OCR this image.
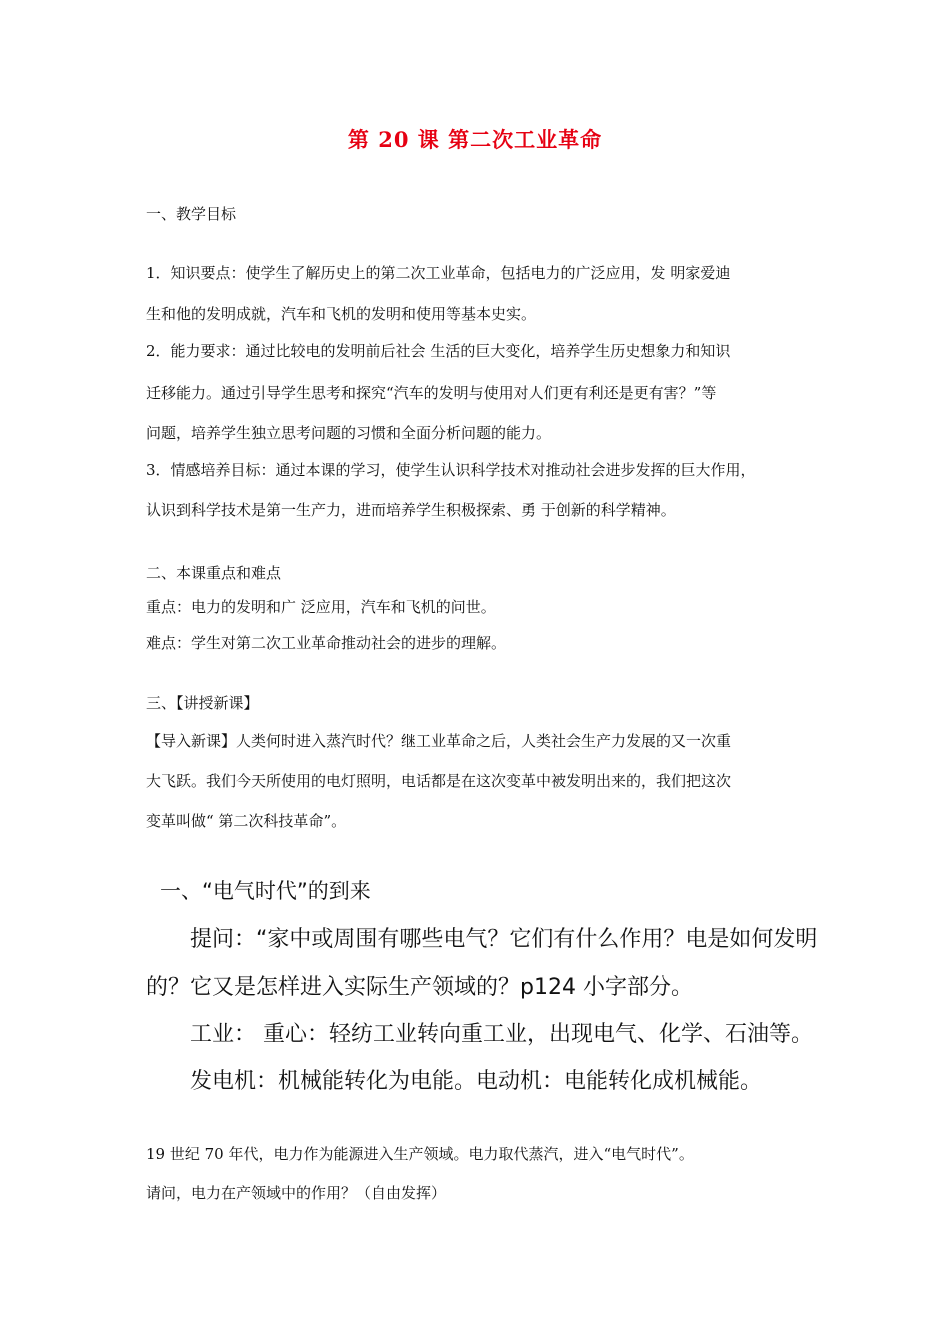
第 20 课 第二次工业革命
一、教学目标
1．知识要点：使学生了解历史上的第二次工业革命，包括电力的广泛应用，发 明家爱迪
生和他的发明成就，汽车和飞机的发明和使用等基本史实。
2．能力要求：通过比较电的发明前后社会 生活的巨大变化，培养学生历史想象力和知识
迁移能力。通过引导学生思考和探究“汽车的发明与使用对人们更有利还是更有害？”等
问题，培养学生独立思考问题的习惯和全面分析问题的能力。
3．情感培养目标：通过本课的学习，使学生认识科学技术对推动社会进步发挥的巨大作用，
认识到科学技术是第一生产力，进而培养学生积极探索、勇 于创新的科学精神。
二、本课重点和难点
重点：电力的发明和广 泛应用，汽车和飞机的问世。
难点：学生对第二次工业革命推动社会的进步的理解。
三、【讲授新课】
【导入新课】人类何时进入蒸汽时代？继工业革命之后，人类社会生产力发展的又一次重
大飞跃。我们今天所使用的电灯照明，电话都是在这次变革中被发明出来的，我们把这次
变革叫做“ 第二次科技革命”。
一、“电气时代”的到来
提问：“家中或周围有哪些电气？它们有什么作用？电是如何发明
的？它又是怎样进入实际生产领域的？p124 小字部分。
工业： 重心：轻纺工业转向重工业，出现电气、化学、石油等。
发电机：机械能转化为电能。电动机：电能转化成机械能。
19 世纪 70 年代，电力作为能源进入生产领域。电力取代蒸汽，进入“电气时代”。
请问，电力在产领域中的作用？（自由发挥）
